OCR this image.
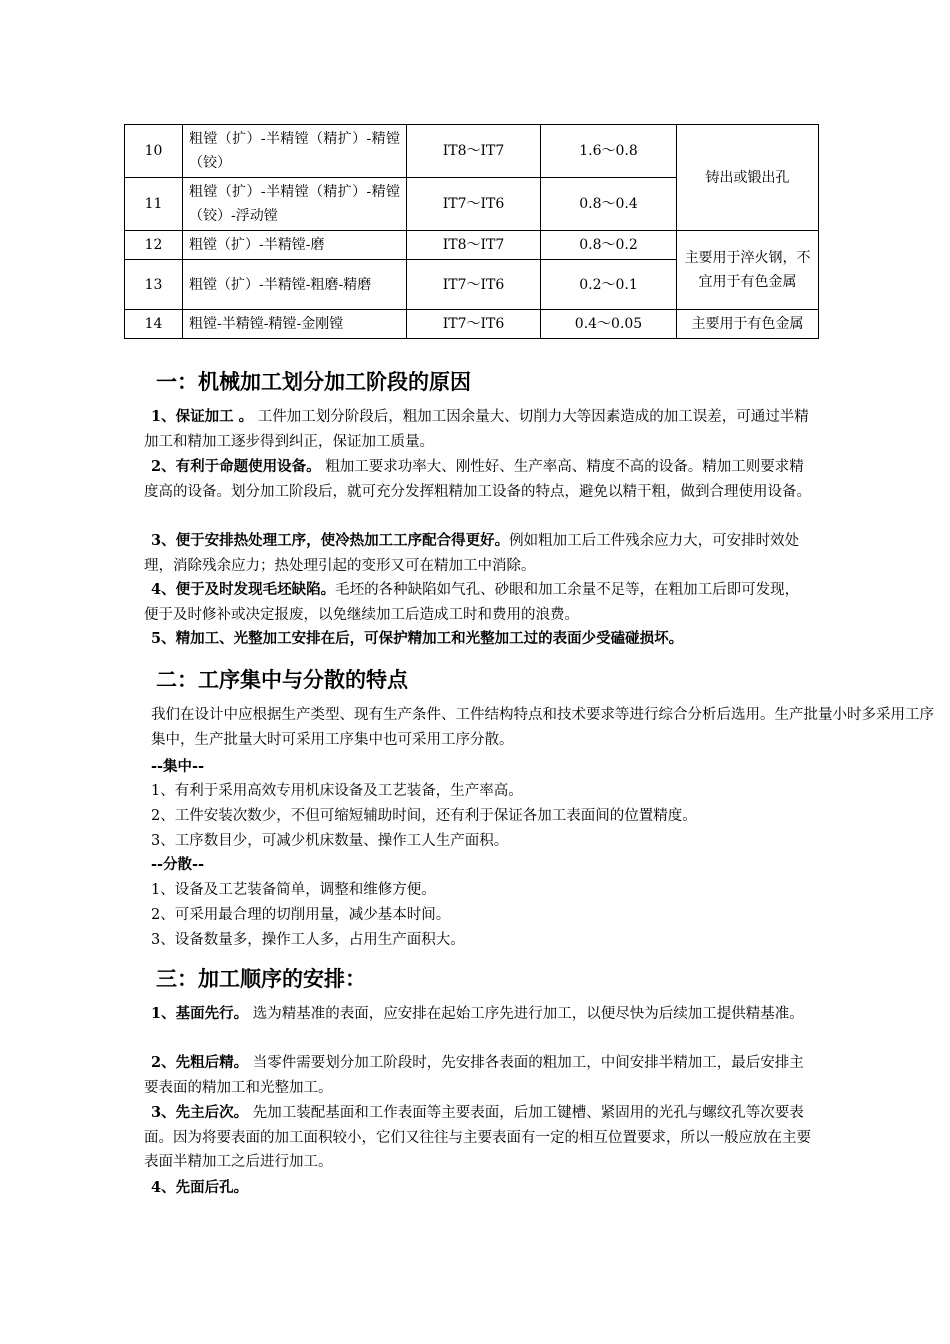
10	粗镗（扩）-半精镗（精扩）-精镗（铰）	IT8～IT7	1.6～0.8	铸出或锻出孔
11	粗镗（扩）-半精镗（精扩）-精镗（铰）-浮动镗	IT7～IT6	0.8～0.4	
12	粗镗（扩）-半精镗-磨	IT8～IT7	0.8～0.2	主要用于淬火钢，不宜用于有色金属
13	粗镗（扩）-半精镗-粗磨-精磨	IT7～IT6	0.2～0.1	
14	粗镗-半精镗-精镗-金刚镗	IT7～IT6	0.4～0.05	主要用于有色金属
一：机械加工划分加工阶段的原因

1、保证加工 。 工件加工划分阶段后，粗加工因余量大、切削力大等因素造成的加工误差，可通过半精加工和精加工逐步得到纠正，保证加工质量。

2、有利于命题使用设备。 粗加工要求功率大、刚性好、生产率高、精度不高的设备。精加工则要求精度高的设备。划分加工阶段后，就可充分发挥粗精加工设备的特点，避免以精干粗，做到合理使用设备。

3、便于安排热处理工序，使冷热加工工序配合得更好。例如粗加工后工件残余应力大，可安排时效处理，消除残余应力；热处理引起的变形又可在精加工中消除。

4、便于及时发现毛坯缺陷。毛坯的各种缺陷如气孔、砂眼和加工余量不足等，在粗加工后即可发现，便于及时修补或决定报废，以免继续加工后造成工时和费用的浪费。

5、精加工、光整加工安排在后，可保护精加工和光整加工过的表面少受磕碰损坏。

二：工序集中与分散的特点

我们在设计中应根据生产类型、现有生产条件、工件结构特点和技术要求等进行综合分析后选用。生产批量小时多采用工序集中，生产批量大时可采用工序集中也可采用工序分散。

--集中--

1、有利于采用高效专用机床设备及工艺装备，生产率高。

2、工件安装次数少，不但可缩短辅助时间，还有利于保证各加工表面间的位置精度。

3、工序数目少，可减少机床数量、操作工人生产面积。

--分散--

1、设备及工艺装备简单，调整和维修方便。

2、可采用最合理的切削用量，减少基本时间。

3、设备数量多，操作工人多，占用生产面积大。

三：加工顺序的安排：

1、基面先行。 选为精基准的表面，应安排在起始工序先进行加工，以便尽快为后续加工提供精基准。

2、先粗后精。 当零件需要划分加工阶段时，先安排各表面的粗加工，中间安排半精加工，最后安排主要表面的精加工和光整加工。

3、先主后次。 先加工装配基面和工作表面等主要表面，后加工键槽、紧固用的光孔与螺纹孔等次要表面。因为将要表面的加工面积较小，它们又往往与主要表面有一定的相互位置要求，所以一般应放在主要表面半精加工之后进行加工。

4、先面后孔。
